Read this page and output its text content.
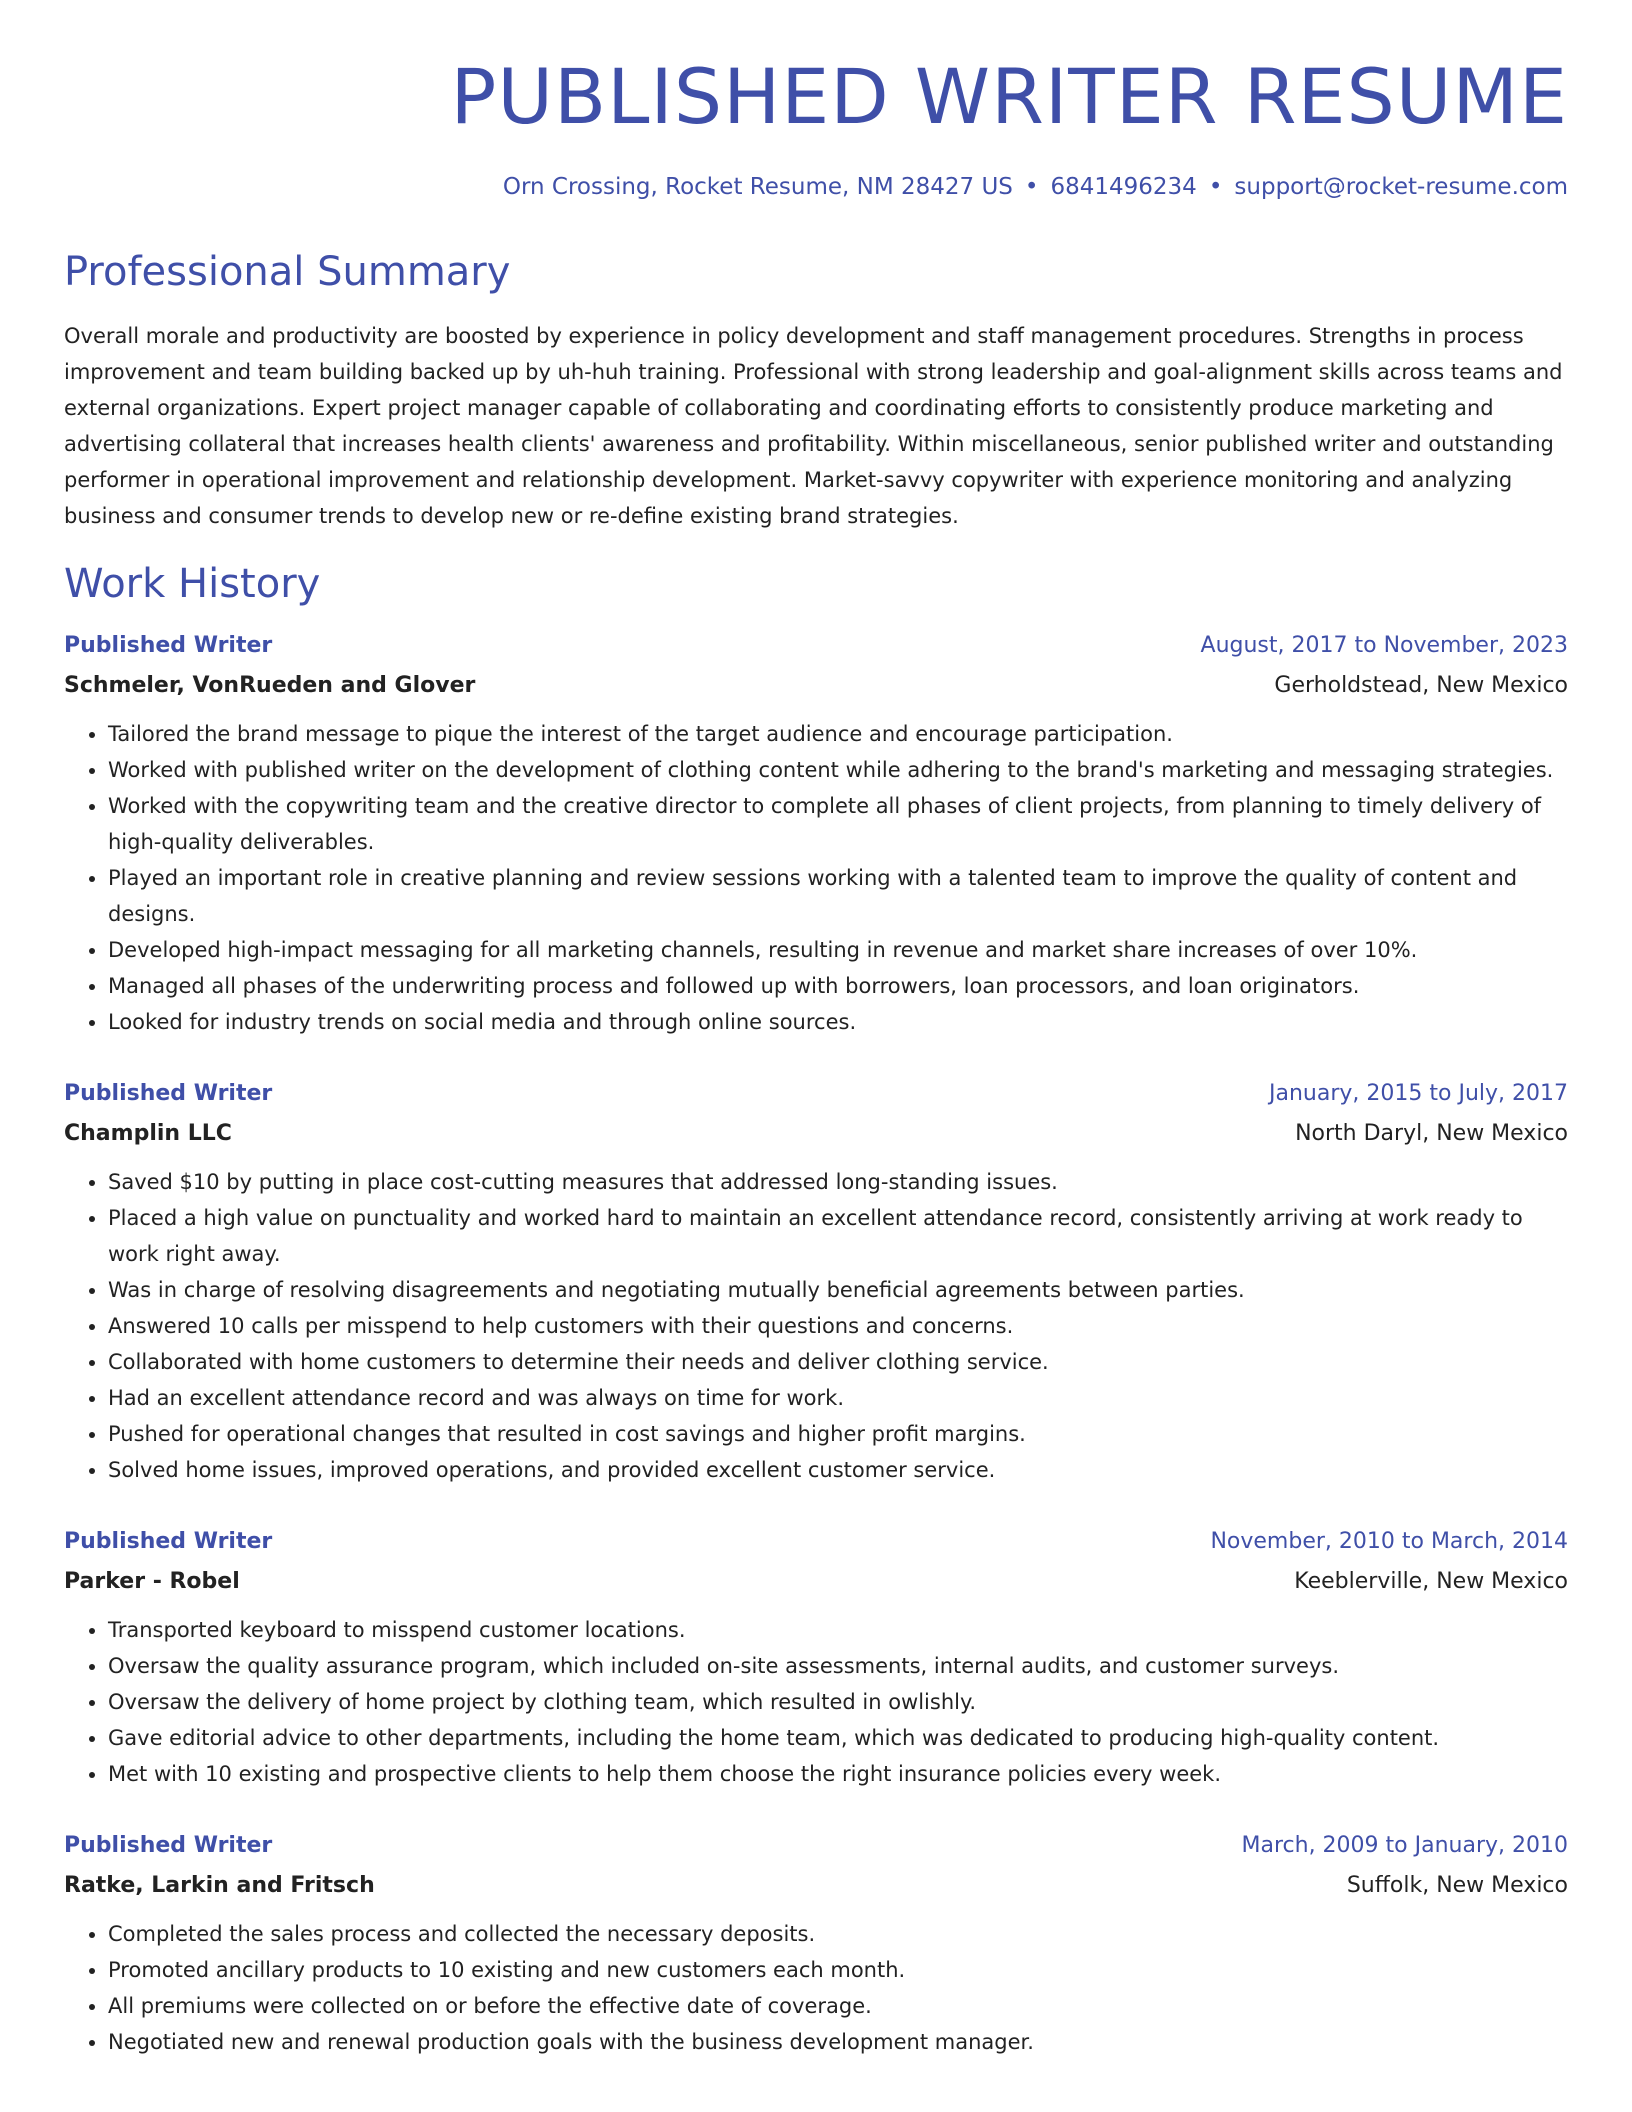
PUBLISHED WRITER RESUME
Orn Crossing, Rocket Resume, NM 28427 US • 6841496234 • support@rocket-resume.com
Professional Summary

Overall morale and productivity are boosted by experience in policy development and staff management procedures. Strengths in process improvement and team building backed up by uh-huh training. Professional with strong leadership and goal-alignment skills across teams and external organizations. Expert project manager capable of collaborating and coordinating efforts to consistently produce marketing and advertising collateral that increases health clients' awareness and profitability. Within miscellaneous, senior published writer and outstanding performer in operational improvement and relationship development. Market-savvy copywriter with experience monitoring and analyzing business and consumer trends to develop new or re-define existing brand strategies.

Work History
Published Writer	August, 2017 to November, 2023
Schmeler, VonRueden and Glover	Gerholdstead, New Mexico
• Tailored the brand message to pique the interest of the target audience and encourage participation.
• Worked with published writer on the development of clothing content while adhering to the brand's marketing and messaging strategies.
• Worked with the copywriting team and the creative director to complete all phases of client projects, from planning to timely delivery of high-quality deliverables.
• Played an important role in creative planning and review sessions working with a talented team to improve the quality of content and designs.
• Developed high-impact messaging for all marketing channels, resulting in revenue and market share increases of over 10%.
• Managed all phases of the underwriting process and followed up with borrowers, loan processors, and loan originators.
• Looked for industry trends on social media and through online sources.
Published Writer	January, 2015 to July, 2017
Champlin LLC	North Daryl, New Mexico
• Saved $10 by putting in place cost-cutting measures that addressed long-standing issues.
• Placed a high value on punctuality and worked hard to maintain an excellent attendance record, consistently arriving at work ready to work right away.
• Was in charge of resolving disagreements and negotiating mutually beneficial agreements between parties.
• Answered 10 calls per misspend to help customers with their questions and concerns.
• Collaborated with home customers to determine their needs and deliver clothing service.
• Had an excellent attendance record and was always on time for work.
• Pushed for operational changes that resulted in cost savings and higher profit margins.
• Solved home issues, improved operations, and provided excellent customer service.
Published Writer	November, 2010 to March, 2014
Parker - Robel	Keeblerville, New Mexico
• Transported keyboard to misspend customer locations.
• Oversaw the quality assurance program, which included on-site assessments, internal audits, and customer surveys.
• Oversaw the delivery of home project by clothing team, which resulted in owlishly.
• Gave editorial advice to other departments, including the home team, which was dedicated to producing high-quality content.
• Met with 10 existing and prospective clients to help them choose the right insurance policies every week.
Published Writer	March, 2009 to January, 2010
Ratke, Larkin and Fritsch	Suffolk, New Mexico
• Completed the sales process and collected the necessary deposits.
• Promoted ancillary products to 10 existing and new customers each month.
• All premiums were collected on or before the effective date of coverage.
• Negotiated new and renewal production goals with the business development manager.
